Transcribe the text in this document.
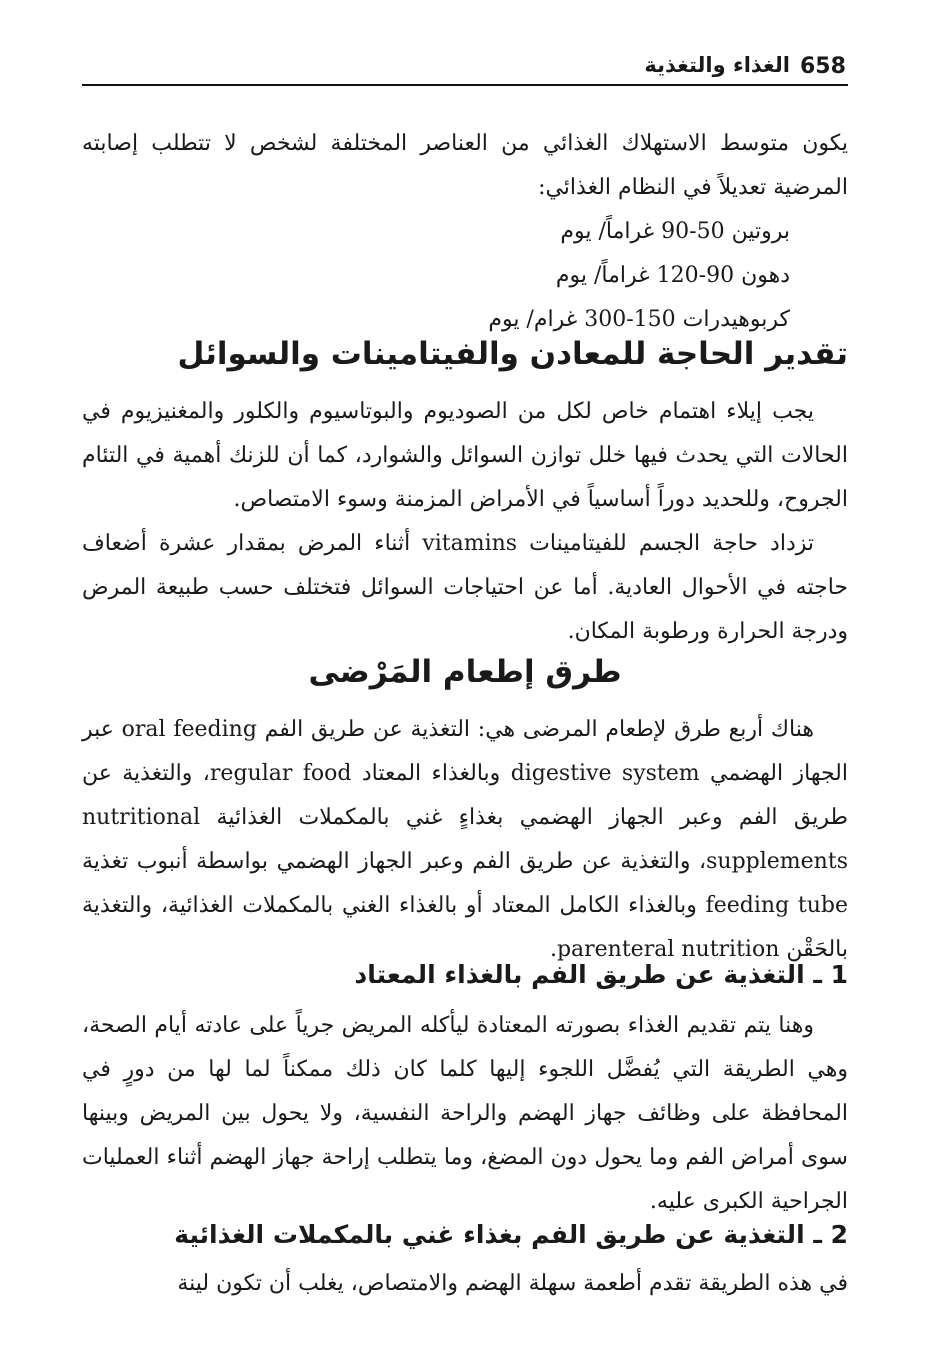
658
الغذاء والتغذية

يكون متوسط الاستهلاك الغذائي من العناصر المختلفة لشخص لا تتطلب إصابته المرضية تعديلاً في النظام الغذائي:

بروتين 50-90 غراماً/ يوم

دهون 90-120 غراماً/ يوم

كربوهيدرات 150-300 غرام/ يوم

تقدير الحاجة للمعادن والفيتامينات والسوائل

يجب إيلاء اهتمام خاص لكل من الصوديوم والبوتاسيوم والكلور والمغنيزيوم في الحالات التي يحدث فيها خلل توازن السوائل والشوارد، كما أن للزنك أهمية في التئام الجروح، وللحديد دوراً أساسياً في الأمراض المزمنة وسوء الامتصاص.

تزداد حاجة الجسم للفيتامينات vitamins أثناء المرض بمقدار عشرة أضعاف حاجته في الأحوال العادية. أما عن احتياجات السوائل فتختلف حسب طبيعة المرض ودرجة الحرارة ورطوبة المكان.

طرق إطعام المَرْضى

هناك أربع طرق لإطعام المرضى هي: التغذية عن طريق الفم oral feeding عبر الجهاز الهضمي digestive system وبالغذاء المعتاد regular food، والتغذية عن طريق الفم وعبر الجهاز الهضمي بغذاءٍ غني بالمكملات الغذائية nutritional supplements، والتغذية عن طريق الفم وعبر الجهاز الهضمي بواسطة أنبوب تغذية feeding tube وبالغذاء الكامل المعتاد أو بالغذاء الغني بالمكملات الغذائية، والتغذية بالحَقْن parenteral nutrition.

1 ـ التغذية عن طريق الفم بالغذاء المعتاد

وهنا يتم تقديم الغذاء بصورته المعتادة ليأكله المريض جرياً على عادته أيام الصحة، وهي الطريقة التي يُفضَّل اللجوء إليها كلما كان ذلك ممكناً لما لها من دورٍ في المحافظة على وظائف جهاز الهضم والراحة النفسية، ولا يحول بين المريض وبينها سوى أمراض الفم وما يحول دون المضغ، وما يتطلب إراحة جهاز الهضم أثناء العمليات الجراحية الكبرى عليه.

2 ـ التغذية عن طريق الفم بغذاء غني بالمكملات الغذائية

في هذه الطريقة تقدم أطعمة سهلة الهضم والامتصاص، يغلب أن تكون لينة
